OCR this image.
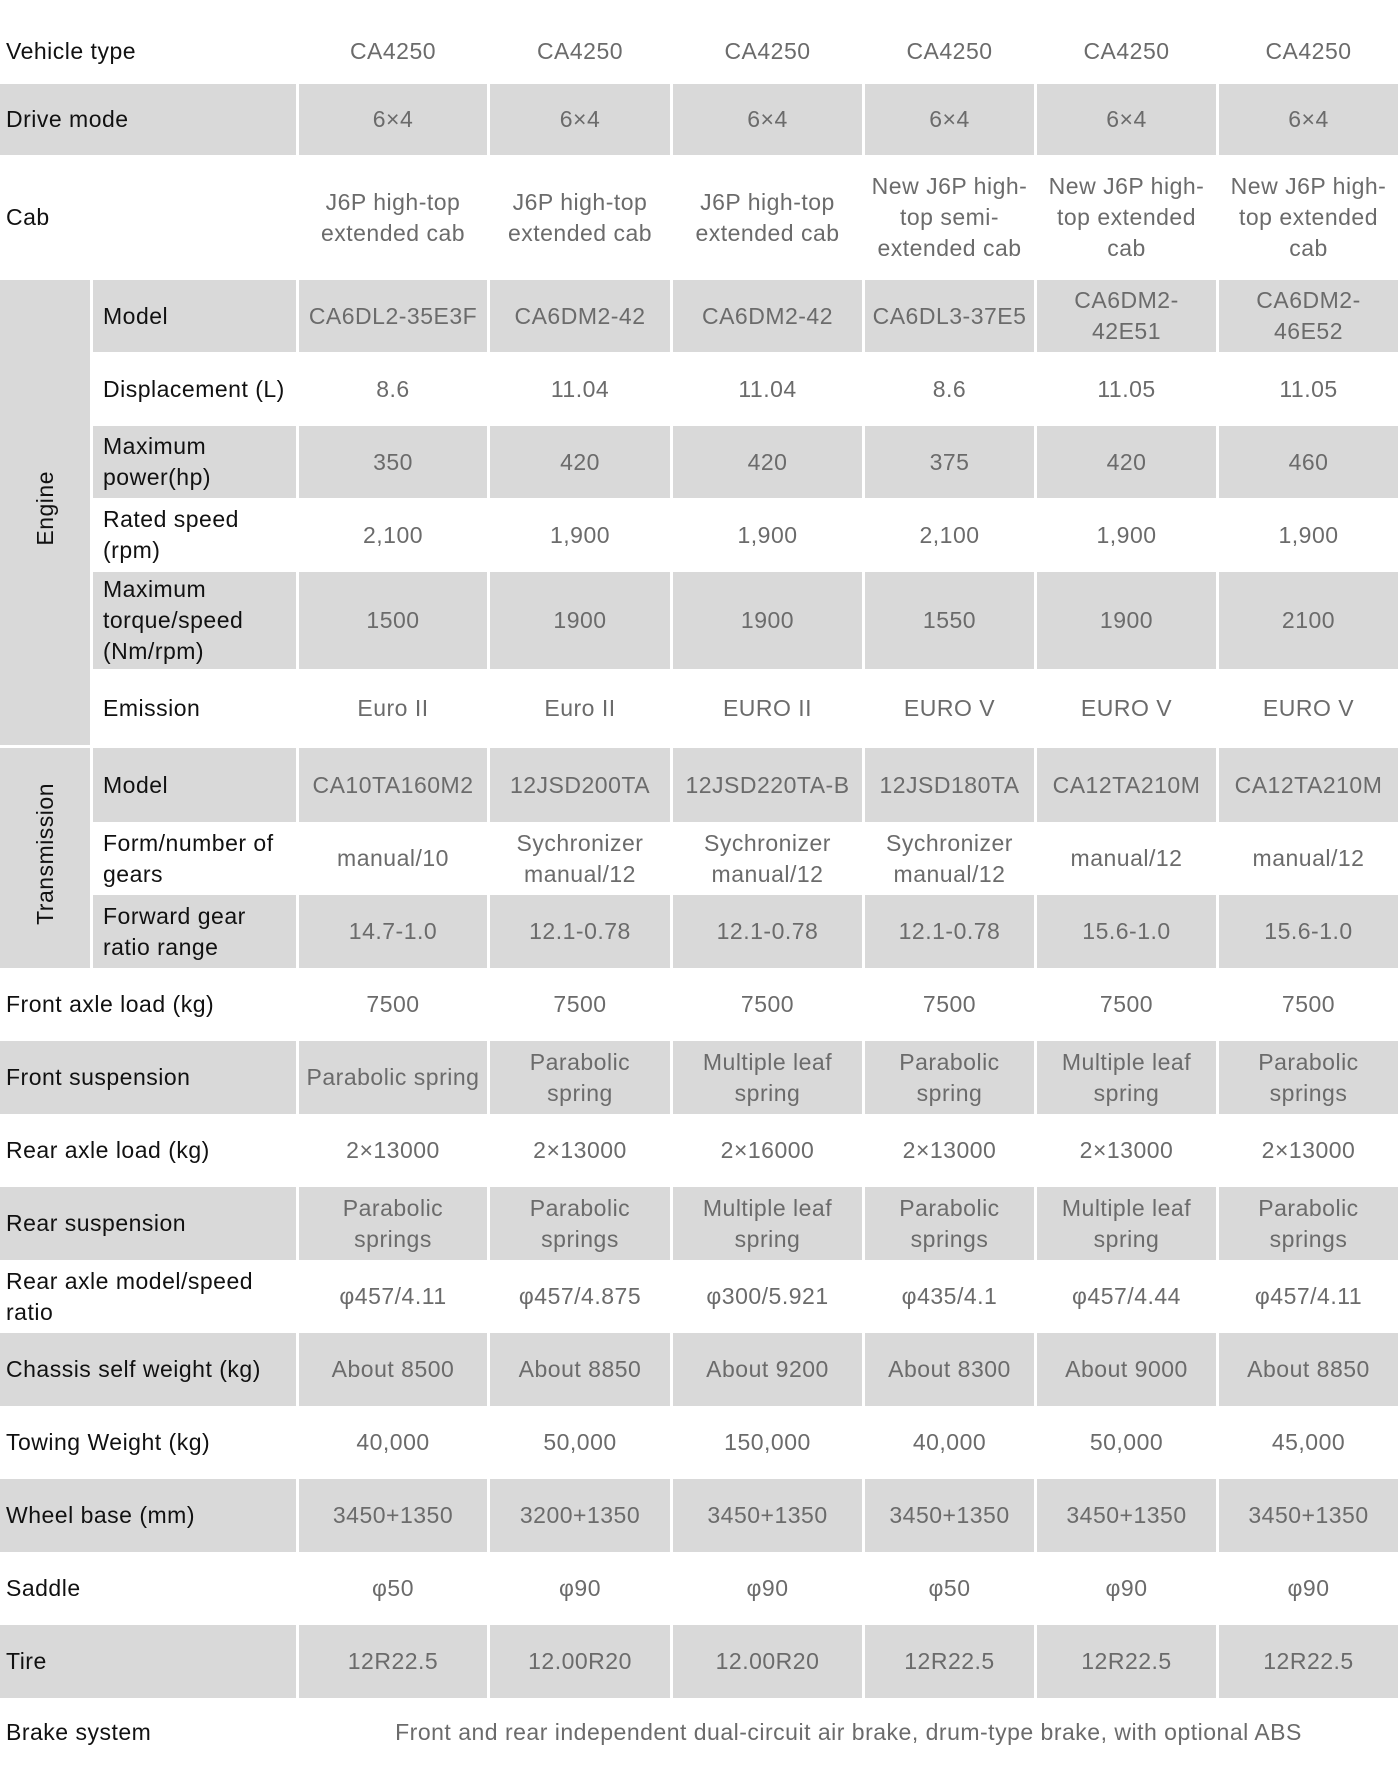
Vehicle type		CA4250	CA4250	CA4250	CA4250	CA4250	CA4250
Drive mode		6×4	6×4	6×4	6×4	6×4	6×4
Cab		J6P high-top extended cab	J6P high-top extended cab	J6P high-top extended cab	New J6P high-top semi-extended cab	New J6P high-top extended cab	New J6P high-top extended cab
Engine	Model	CA6DL2-35E3F	CA6DM2-42	CA6DM2-42	CA6DL3-37E5	CA6DM2-42E51	CA6DM2-46E52
	Displacement (L)	8.6	11.04	11.04	8.6	11.05	11.05
	Maximum power(hp)	350	420	420	375	420	460
	Rated speed (rpm)	2,100	1,900	1,900	2,100	1,900	1,900
	Maximum torque/speed (Nm/rpm)	1500	1900	1900	1550	1900	2100
	Emission	Euro II	Euro II	EURO II	EURO V	EURO V	EURO V
Transmission	Model	CA10TA160M2	12JSD200TA	12JSD220TA-B	12JSD180TA	CA12TA210M	CA12TA210M
	Form/number of gears	manual/10	Sychronizer manual/12	Sychronizer manual/12	Sychronizer manual/12	manual/12	manual/12
	Forward gear ratio range	14.7-1.0	12.1-0.78	12.1-0.78	12.1-0.78	15.6-1.0	15.6-1.0
Front axle load (kg)		7500	7500	7500	7500	7500	7500
Front suspension		Parabolic spring	Parabolic spring	Multiple leaf spring	Parabolic spring	Multiple leaf spring	Parabolic springs
Rear axle load (kg)		2×13000	2×13000	2×16000	2×13000	2×13000	2×13000
Rear suspension		Parabolic springs	Parabolic springs	Multiple leaf spring	Parabolic springs	Multiple leaf spring	Parabolic springs
Rear axle model/speed ratio		φ457/4.11	φ457/4.875	φ300/5.921	φ435/4.1	φ457/4.44	φ457/4.11
Chassis self weight (kg)		About 8500	About 8850	About 9200	About 8300	About 9000	About 8850
Towing Weight (kg)		40,000	50,000	150,000	40,000	50,000	45,000
Wheel base (mm)		3450+1350	3200+1350	3450+1350	3450+1350	3450+1350	3450+1350
Saddle		φ50	φ90	φ90	φ50	φ90	φ90
Tire		12R22.5	12.00R20	12.00R20	12R22.5	12R22.5	12R22.5
Brake system		Front and rear independent dual-circuit air brake, drum-type brake, with optional ABS					
